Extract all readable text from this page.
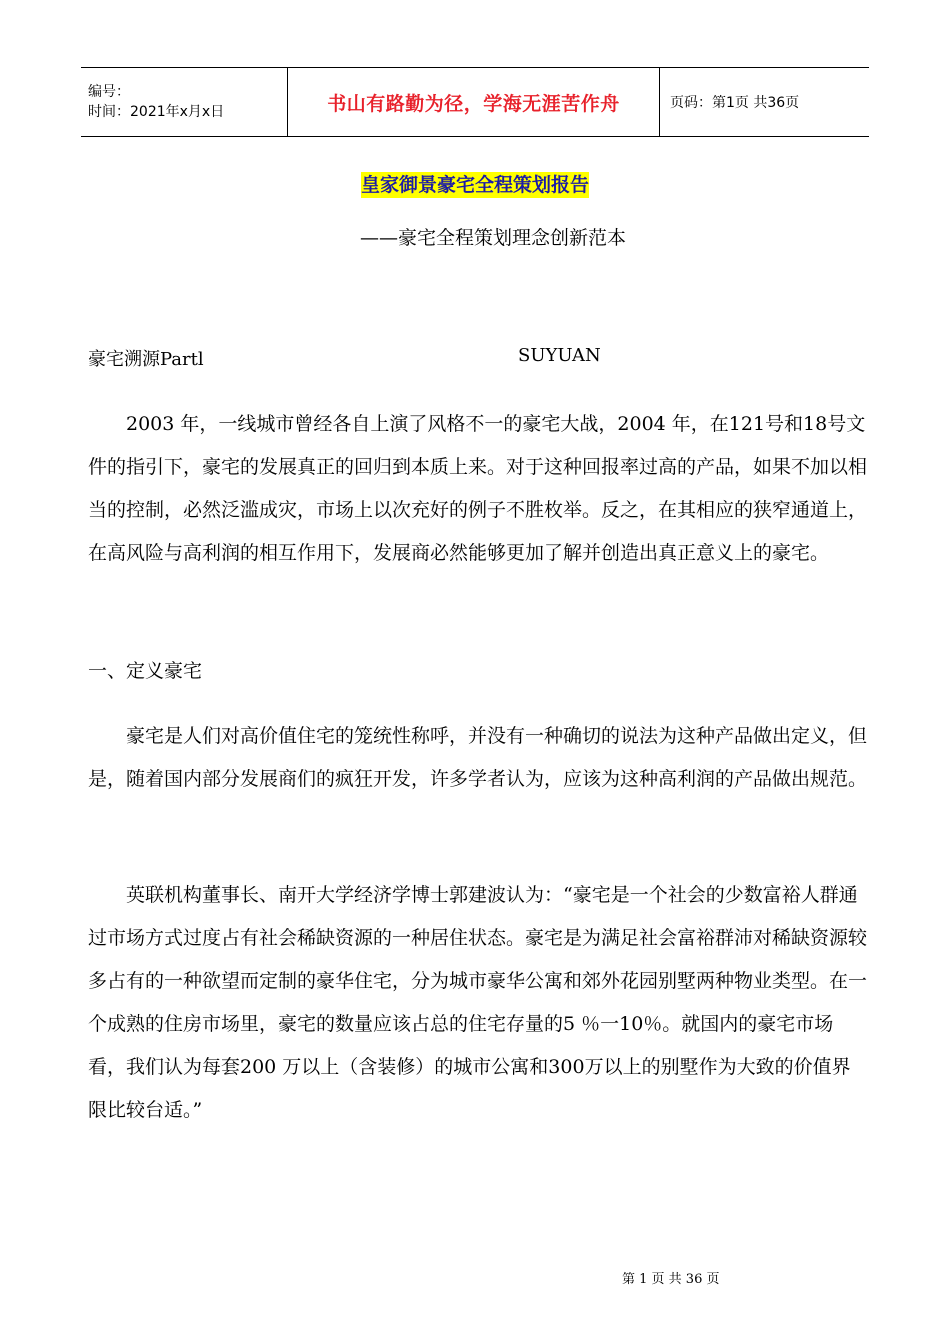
编号：
时间：2021年x月x日	书山有路勤为径，学海无涯苦作舟	页码：第1页 共36页
皇家御景豪宅全程策划报告
——豪宅全程策划理念创新范本
豪宅溯源Partl	SUYUAN

2003 年，一线城市曾经各自上演了风格不一的豪宅大战，2004 年，在121号和18号文件的指引下，豪宅的发展真正的回归到本质上来。对于这种回报率过高的产品，如果不加以相当的控制，必然泛滥成灾，市场上以次充好的例子不胜枚举。反之，在其相应的狭窄通道上，在高风险与高利润的相互作用下，发展商必然能够更加了解并创造出真正意义上的豪宅。

一、定义豪宅

豪宅是人们对高价值住宅的笼统性称呼，并没有一种确切的说法为这种产品做出定义，但是，随着国内部分发展商们的疯狂开发，许多学者认为，应该为这种高利润的产品做出规范。

英联机构董事长、南开大学经济学博士郭建波认为：“豪宅是一个社会的少数富裕人群通过市场方式过度占有社会稀缺资源的一种居住状态。豪宅是为满足社会富裕群沛对稀缺资源较多占有的一种欲望而定制的豪华住宅，分为城市豪华公寓和郊外花园别墅两种物业类型。在一个成熟的住房市场里，豪宅的数量应该占总的住宅存量的5 ％一10％。就国内的豪宅市场看，我们认为每套200 万以上（含装修）的城市公寓和300万以上的别墅作为大致的价值界限比较台适。”

第 1 页 共 36 页
